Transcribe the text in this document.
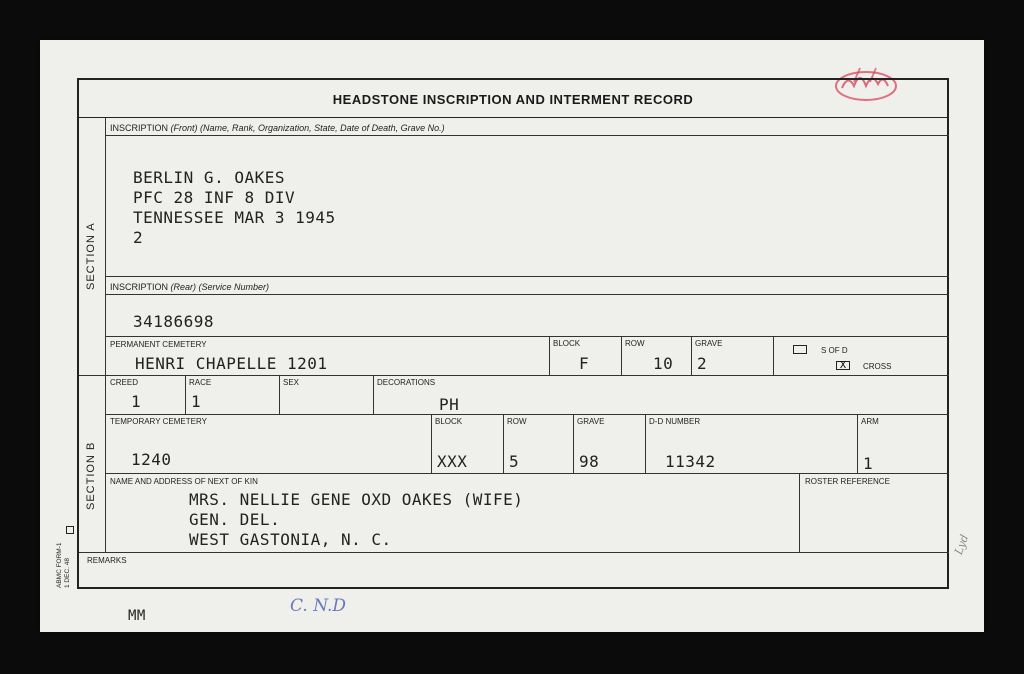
HEADSTONE INSCRIPTION AND INTERMENT RECORD
SECTION A
SECTION B
INSCRIPTION (Front) (Name, Rank, Organization, State, Date of Death, Grave No.)
BERLIN G. OAKES
PFC 28 INF 8 DIV
TENNESSEE MAR 3 1945
2
INSCRIPTION (Rear) (Service Number)
34186698
PERMANENT CEMETERY
HENRI CHAPELLE 1201
BLOCK
F
ROW
10
GRAVE
2
S OF D
X	CROSS
CREED
1
RACE
1
SEX	DECORATIONS
PH
TEMPORARY CEMETERY
1240
BLOCK
XXX
ROW
5
GRAVE
98
D-D NUMBER
11342
ARM
1
NAME AND ADDRESS OF NEXT OF KIN
MRS. NELLIE GENE OXD OAKES (WIFE)
GEN. DEL.
WEST GASTONIA, N. C.
ROSTER REFERENCE
REMARKS
ABMC FORM-1 1 DEC. 48
MM	C. N.D
Lyd
